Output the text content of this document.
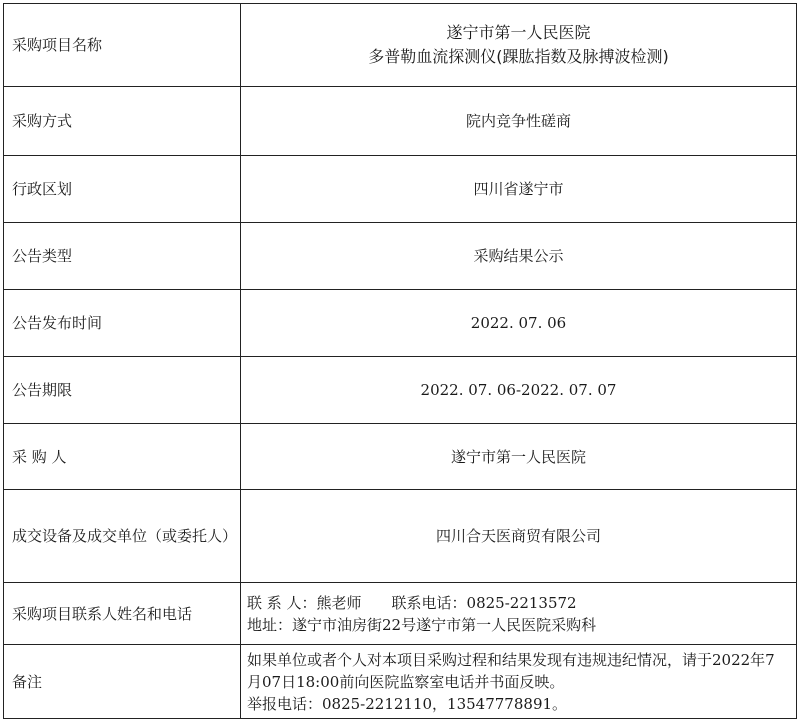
采购项目名称	遂宁市第一人民医院
多普勒血流探测仪(踝肱指数及脉搏波检测)

采购方式	院内竞争性磋商
行政区划	四川省遂宁市
公告类型	采购结果公示
公告发布时间	2022. 07. 06
公告期限	2022. 07. 06-2022. 07. 07
采 购 人	遂宁市第一人民医院
成交设备及成交单位（或委托人）	四川合天医商贸有限公司
采购项目联系人姓名和电话	联 系 人：熊老师 联系电话：0825-2213572
地址：遂宁市油房街22号遂宁市第一人民医院采购科

备注	如果单位或者个人对本项目采购过程和结果发现有违规违纪情况，请于2022年7月07日18:00前向医院监察室电话并书面反映。
举报电话：0825-2212110，13547778891。
